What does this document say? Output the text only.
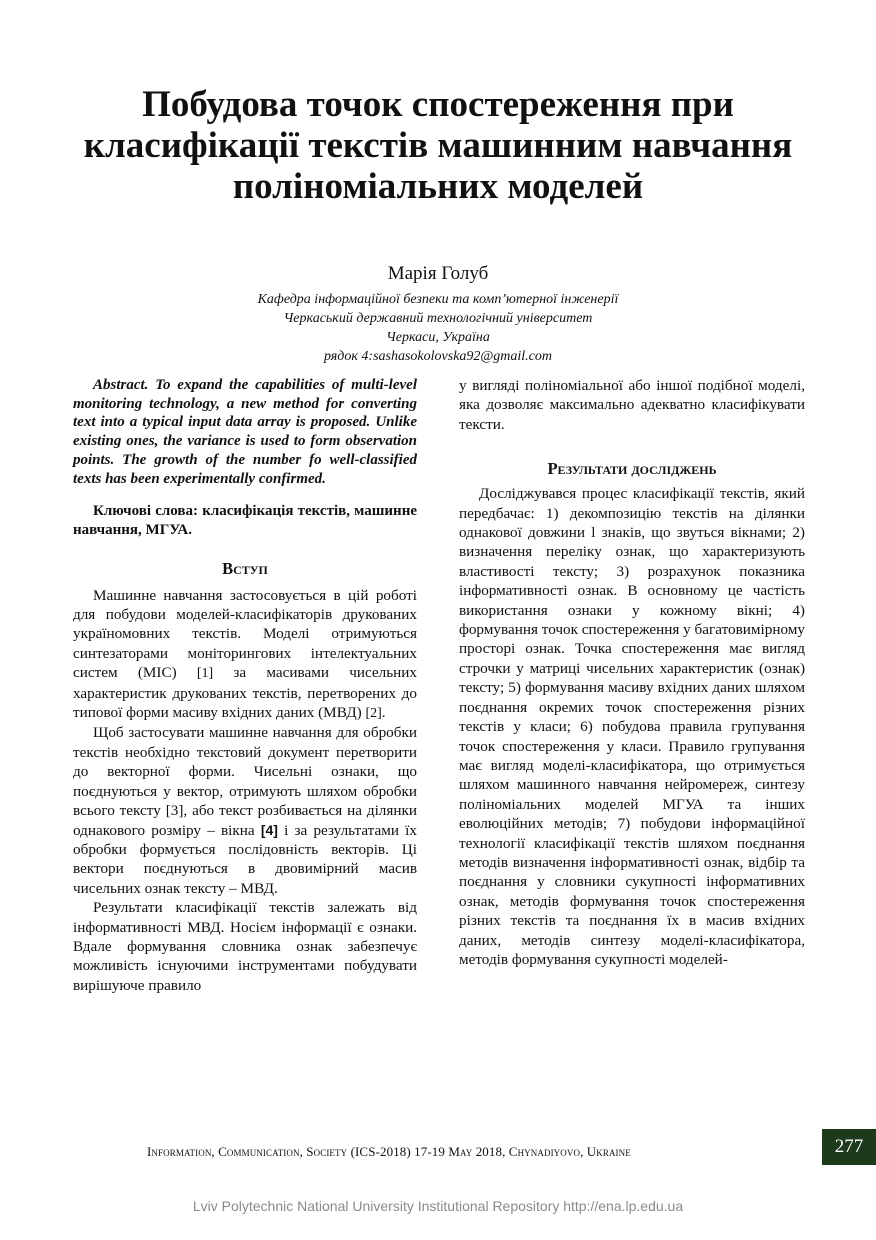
Побудова точок спостереження при
класифікації текстів машинним навчання
поліноміальних моделей
Марія Голуб
Кафедра інформаційної безпеки та комп’ютерної інженерії
Черкаський державний технологічний університет
Черкаси, Україна
рядок 4:sashasokolovska92@gmail.com

Abstract. To expand the capabilities of multi-level monitoring technology, a new method for converting text into a typical input data array is proposed. Unlike existing ones, the variance is used to form observation points. The growth of the number fo well-classified texts has been experimentally confirmed.

Ключові слова: класифікація текстів, машинне навчання, МГУА.

Вступ

Машинне навчання застосовується в цій роботі для побудови моделей-класифікаторів друкованих україномовних текстів. Моделі отримуються синтезаторами моніторингових інтелектуальних систем (МІС) [1] за масивами чисельних характеристик друкованих текстів, перетворених до типової форми масиву вхідних даних (МВД) [2].

Щоб застосувати машинне навчання для обробки текстів необхідно текстовий документ перетворити до векторної форми. Чисельні ознаки, що поєднуються у вектор, отримують шляхом обробки всього тексту [3], або текст розбивається на ділянки однакового розміру – вікна [4] і за результатами їх обробки формується послідовність векторів. Ці вектори поєднуються в двовимірний масив чисельних ознак тексту – МВД.

Результати класифікації текстів залежать від інформативності МВД. Носієм інформації є ознаки. Вдале формування словника ознак забезпечує можливість існуючими інструментами побудувати вирішуюче правило

у вигляді поліноміальної або іншої подібної моделі, яка дозволяє максимально адекватно класифікувати тексти.

Результати досліджень

Досліджувався процес класифікації текстів, який передбачає: 1) декомпозицію текстів на ділянки однакової довжини l знаків, що звуться вікнами; 2) визначення переліку ознак, що характеризують властивості тексту; 3) розрахунок показника інформативності ознак. В основному це частість використання ознаки у кожному вікні; 4) формування точок спостереження у багатовимірному просторі ознак. Точка спостереження має вигляд строчки у матриці чисельних характеристик (ознак) тексту; 5) формування масиву вхідних даних шляхом поєднання окремих точок спостереження різних текстів у класи; 6) побудова правила групування точок спостереження у класи. Правило групування має вигляд моделі-класифікатора, що отримується шляхом машинного навчання нейромереж, синтезу поліноміальних моделей МГУА та інших еволюційних методів; 7) побудови інформаційної технології класифікації текстів шляхом поєднання методів визначення інформативності ознак, відбір та поєднання у словники сукупності інформативних ознак, методів формування точок спостереження різних текстів та поєднання їх в масив вхідних даних, методів синтезу моделі-класифікатора, методів формування сукупності моделей-

Information, Communication, Society (ICS-2018) 17-19 May 2018, Chynadiyovo, Ukraine	277
Lviv Polytechnic National University Institutional Repository http://ena.lp.edu.ua
